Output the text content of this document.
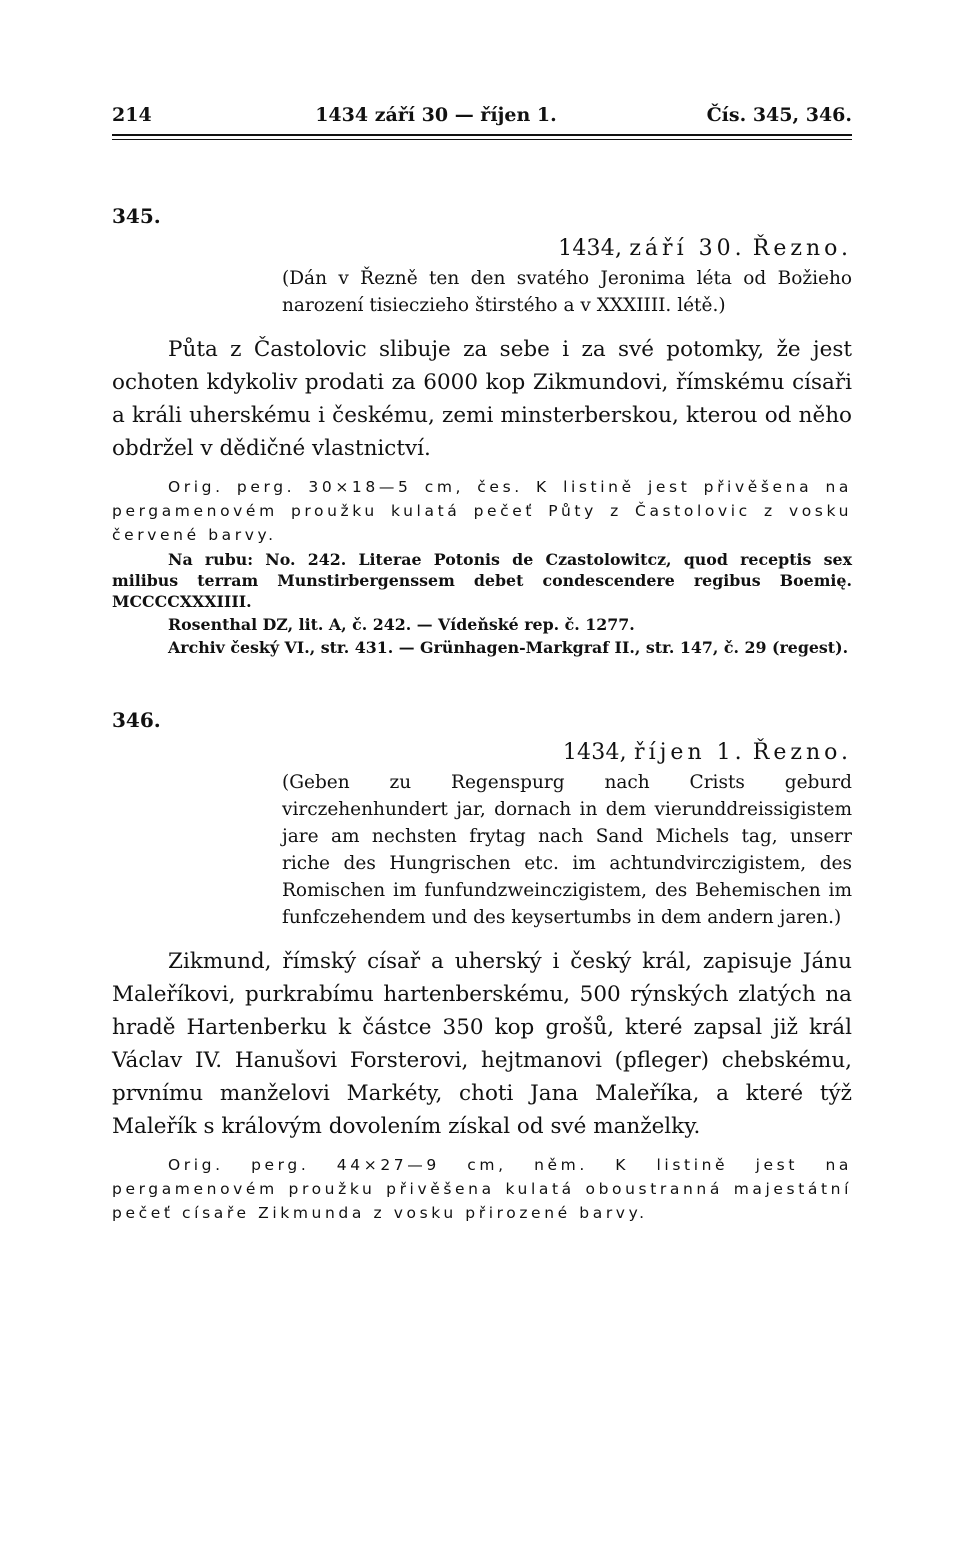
214	1434 září 30 — říjen 1.	Čís. 345, 346.
345.
1434, září 30. Řezno.
(Dán v Řezně ten den svatého Jeronima léta od Božieho narození tisieczieho štirstého a v XXXIIII. létě.)
Půta z Častolovic slibuje za sebe i za své potomky, že jest ochoten kdykoliv prodati za 6000 kop Zikmundovi, římskému císaři a králi uherskému i českému, zemi minsterberskou, kterou od něho obdržel v dědičné vlastnictví.
Orig. perg. 30×18—5 cm, čes. K listině jest přivěšena na pergamenovém proužku kulatá pečeť Půty z Častolovic z vosku červené barvy.
Na rubu: No. 242. Literae Potonis de Czastolowitcz, quod receptis sex milibus terram Munstirbergenssem debet condescendere regibus Boemię. MCCCCXXXIIII.
Rosenthal DZ, lit. A, č. 242. — Vídeňské rep. č. 1277.
Archiv český VI., str. 431. — Grünhagen-Markgraf II., str. 147, č. 29 (regest).
346.
1434, říjen 1. Řezno.
(Geben zu Regenspurg nach Crists geburd virczehenhundert jar, dornach in dem vierunddreissigistem jare am nechsten frytag nach Sand Michels tag, unserr riche des Hungrischen etc. im achtundvirczigistem, des Romischen im funfundzweinczigistem, des Behemischen im funfczehendem und des keysertumbs in dem andern jaren.)
Zikmund, římský císař a uherský i český král, zapisuje Jánu Maleříkovi, purkrabímu hartenberskému, 500 rýnských zlatých na hradě Hartenberku k částce 350 kop grošů, které zapsal již král Václav IV. Hanušovi Forsterovi, hejtmanovi (pfleger) chebskému, prvnímu manželovi Markéty, choti Jana Maleříka, a které týž Maleřík s královým dovolením získal od své manželky.
Orig. perg. 44×27—9 cm, něm. K listině jest na pergamenovém proužku přivěšena kulatá oboustranná majestátní pečeť císaře Zikmunda z vosku přirozené barvy.
